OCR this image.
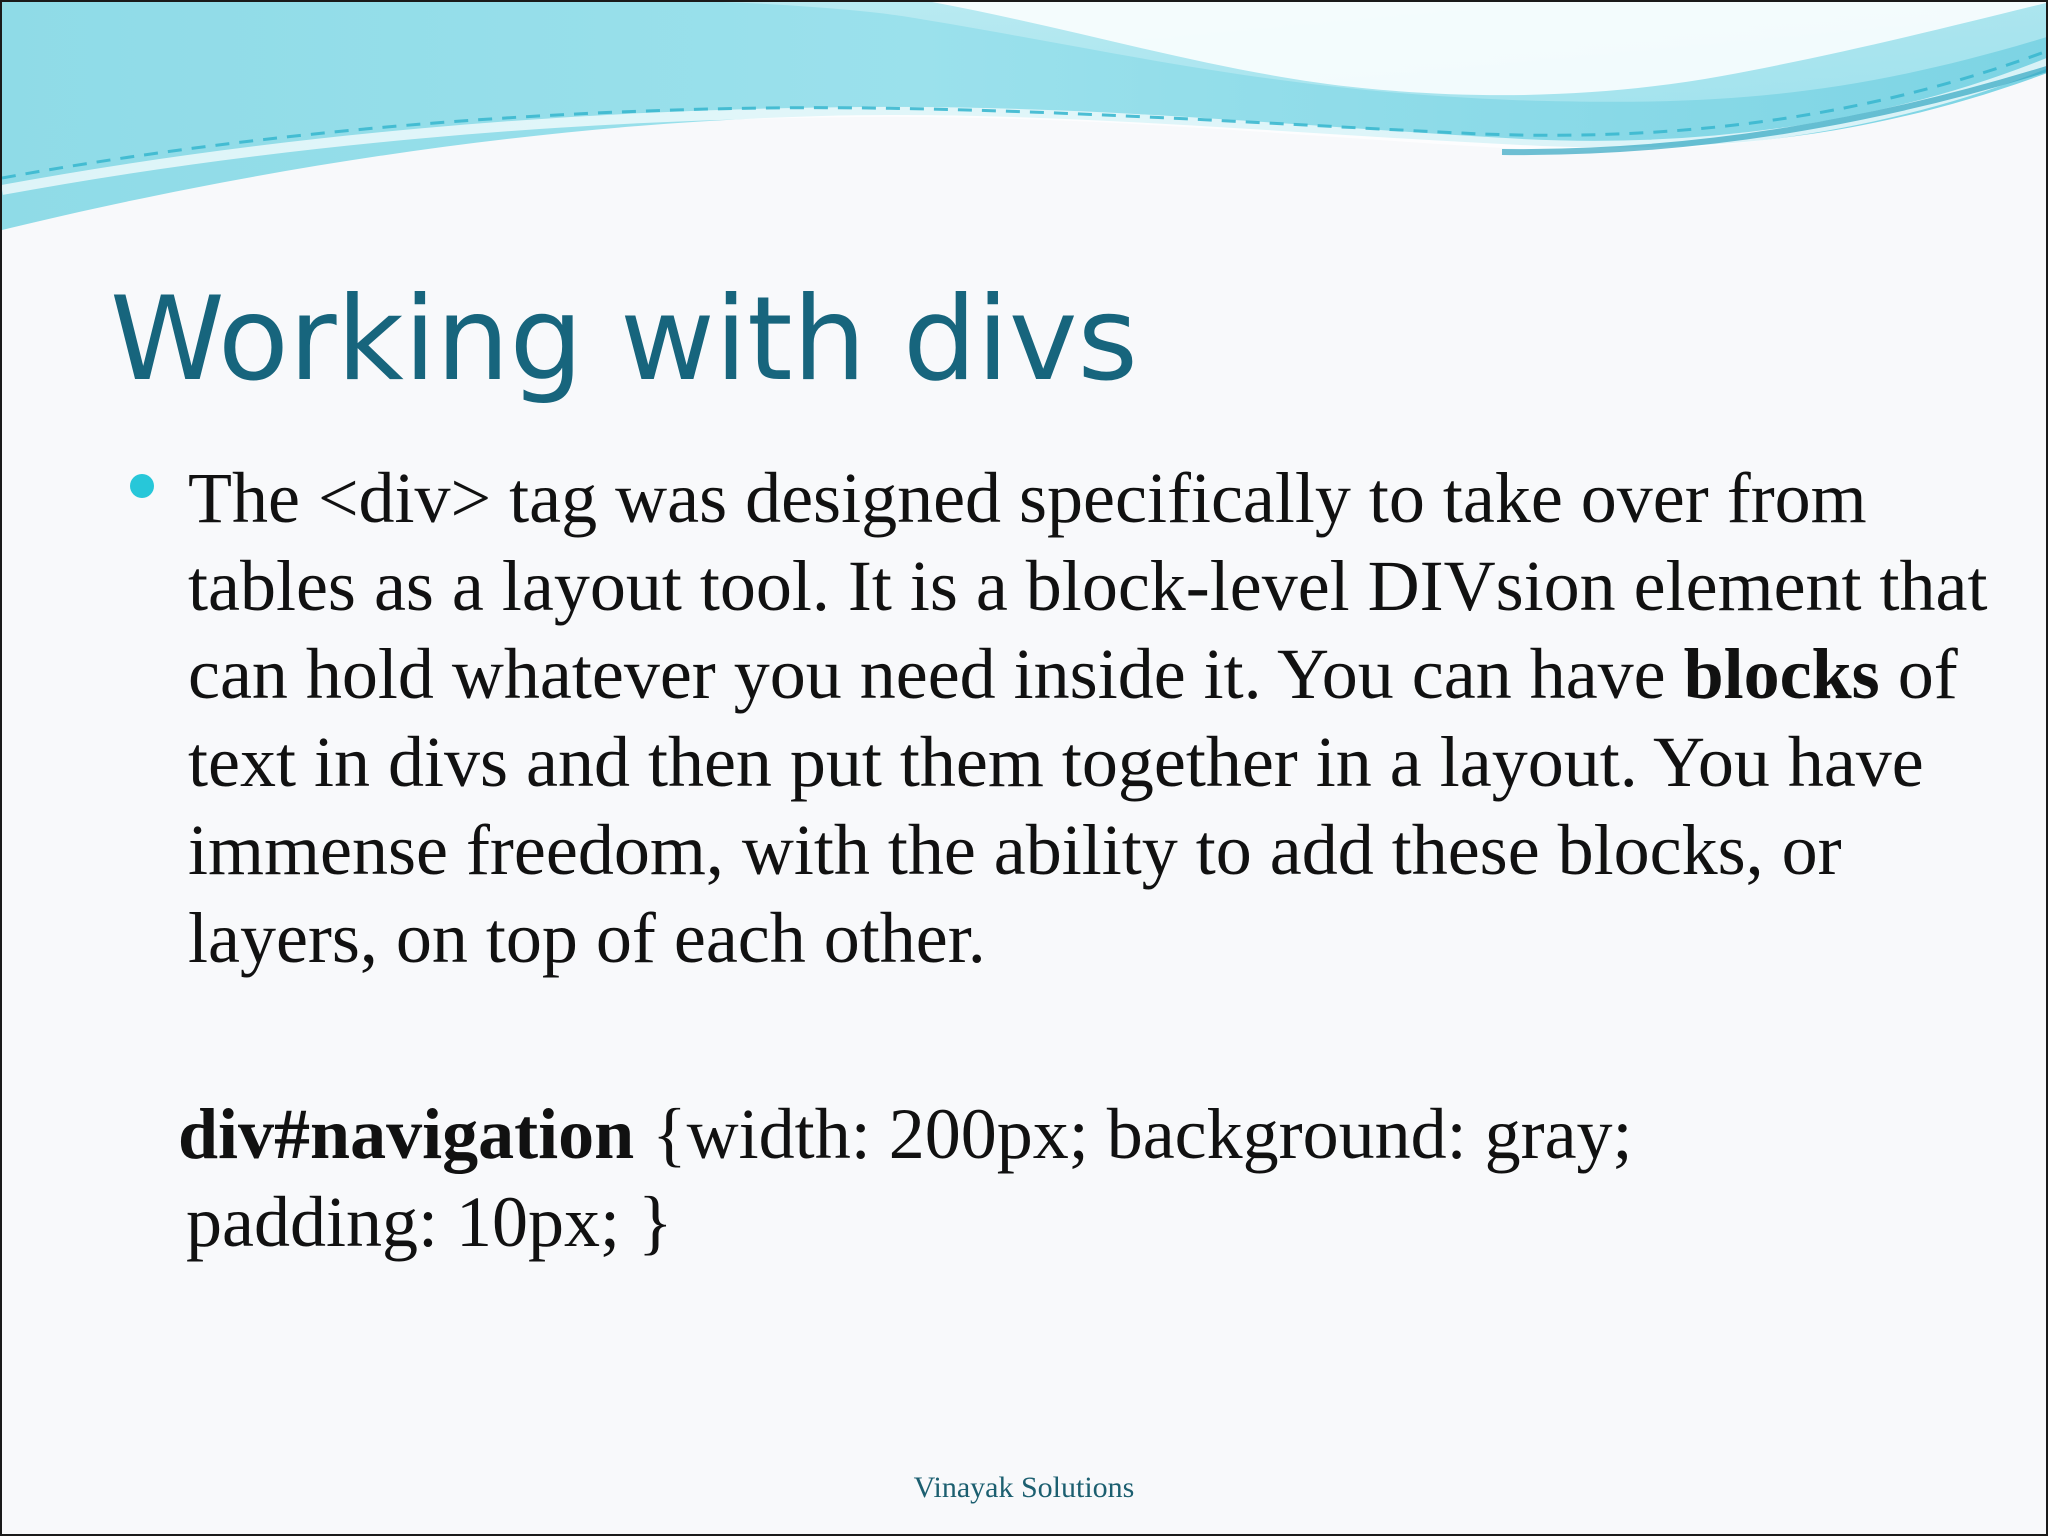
Working with divs
The <div> tag was designed specifically to take over from tables as a layout tool. It is a block-level DIVsion element that can hold whatever you need inside it. You can have blocks of text in divs and then put them together in a layout. You have immense freedom, with the ability to add these blocks, or layers, on top of each other.
div#navigation {width: 200px; background: gray;
padding: 10px; }
Vinayak Solutions
